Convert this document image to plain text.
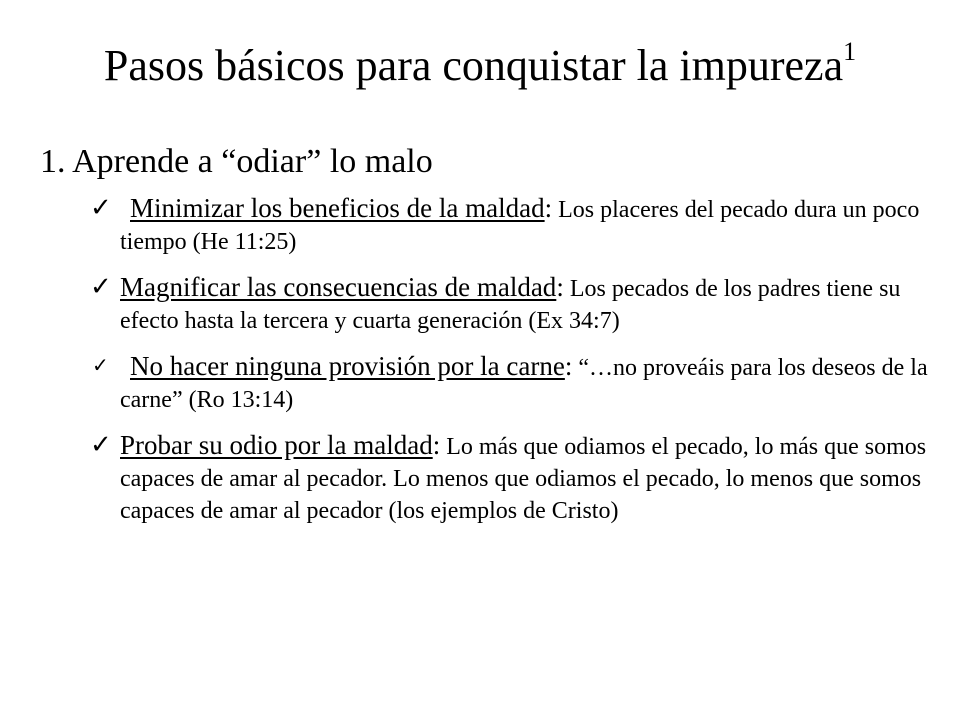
Pasos básicos para conquistar la impureza$^1$
1. Aprende a “odiar” lo malo
✓ Minimizar los beneficios de la maldad: Los placeres del pecado dura un poco tiempo (He 11:25)
✓ Magnificar las consecuencias de maldad: Los pecados de los padres tiene su efecto hasta la tercera y cuarta generación (Ex 34:7)
✓ No hacer ninguna provisión por la carne: “…no proveáis para los deseos de la carne” (Ro 13:14)
✓ Probar su odio por la maldad: Lo más que odiamos el pecado, lo más que somos capaces de amar al pecador. Lo menos que odiamos el pecado, lo menos que somos capaces de amar al pecador (los ejemplos de Cristo)
